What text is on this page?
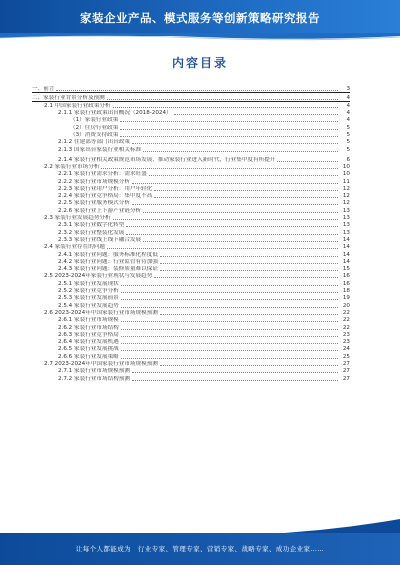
家装企业产品、模式服务等创新策略研究报告
内容目录
一、前言	3
二、家装行业背景分析及预测	4
2.1 中国家装行业政策分析	4
2.1.1 家装行业政策出台概况（2018-2024）	4
（1）家装行业政策	4
（2）住房行业政策	5
（3）消费支持政策	5
2.1.2 住建部等部门出台政策	5
2.1.3 国家出台家装行业相关标准	5
2.1.4 家装行业相关政策规范市场发展，推动家装行业进入新时代，行业集中度有所提升	6
2.2 家装行业市场分析	10
2.2.1 家装行业需求分析：需求旺盛	10
2.2.2 家装行业市场规模分析	11
2.2.3 家装行业用户分析：用户年轻化	12
2.2.4 家装行业竞争格局：集中度不高	12
2.2.5 家装行业服务模式分析	12
2.2.6 家装行业上下游产业链分析	13
2.3 家装行业发展趋势分析	13
2.3.1 家装行业数字化转型	13
2.3.2 家装行业整装化发展	13
2.3.3 家装行业线上线下融合发展	14
2.4 家装行业存在的问题	14
2.4.1 家装行业问题：服务标准化程度低	14
2.4.2 家装行业问题：行业监管有待加强	14
2.4.3 家装行业问题：装修质量难以保证	15
2.5 2023-2024年家装行业现状与发展趋势	16
2.5.1 家装行业发展现状	16
2.5.2 家装行业竞争分析	18
2.5.3 家装行业发展前景	19
2.5.4 家装行业发展趋势	20
2.6 2023-2024年中国家装行业市场规模预测	22
2.6.1 家装行业市场规模	22
2.6.2 家装行业市场结构	22
2.6.3 家装行业竞争格局	23
2.6.4 家装行业发展机遇	23
2.6.5 家装行业发展挑战	24
2.6.6 家装行业发展策略	25
2.7 2023-2024年中国家装行业市场规模预测	27
2.7.1 家装行业市场规模预测	27
2.7.2 家装行业市场结构预测	27
让每个人都能成为　行业专家、管理专家、营销专家、战略专家、成功企业家……
